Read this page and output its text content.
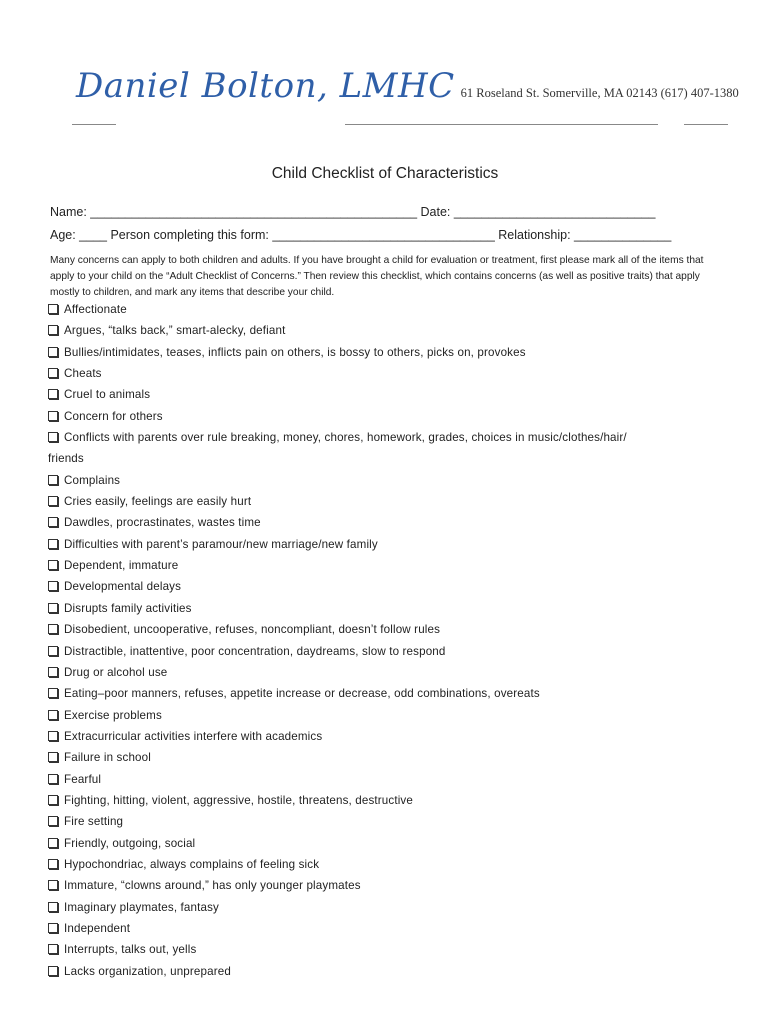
Daniel Bolton, LMHC 61 Roseland St. Somerville, MA 02143 (617) 407-1380
Child Checklist of Characteristics
Name: _______________________________________________ Date: _____________________________
Age: ____ Person completing this form: ________________________________ Relationship: ______________
Many concerns can apply to both children and adults. If you have brought a child for evaluation or treatment, first please mark all of the items that apply to your child on the “Adult Checklist of Concerns.” Then review this checklist, which contains concerns (as well as positive traits) that apply mostly to children, and mark any items that describe your child.
Affectionate
Argues, “talks back,” smart-alecky, defiant
Bullies/intimidates, teases, inflicts pain on others, is bossy to others, picks on, provokes
Cheats
Cruel to animals
Concern for others
Conflicts with parents over rule breaking, money, chores, homework, grades, choices in music/clothes/hair/
friends
Complains
Cries easily, feelings are easily hurt
Dawdles, procrastinates, wastes time
Difficulties with parent’s paramour/new marriage/new family
Dependent, immature
Developmental delays
Disrupts family activities
Disobedient, uncooperative, refuses, noncompliant, doesn’t follow rules
Distractible, inattentive, poor concentration, daydreams, slow to respond
Drug or alcohol use
Eating–poor manners, refuses, appetite increase or decrease, odd combinations, overeats
Exercise problems
Extracurricular activities interfere with academics
Failure in school
Fearful
Fighting, hitting, violent, aggressive, hostile, threatens, destructive
Fire setting
Friendly, outgoing, social
Hypochondriac, always complains of feeling sick
Immature, “clowns around,” has only younger playmates
Imaginary playmates, fantasy
Independent
Interrupts, talks out, yells
Lacks organization, unprepared
